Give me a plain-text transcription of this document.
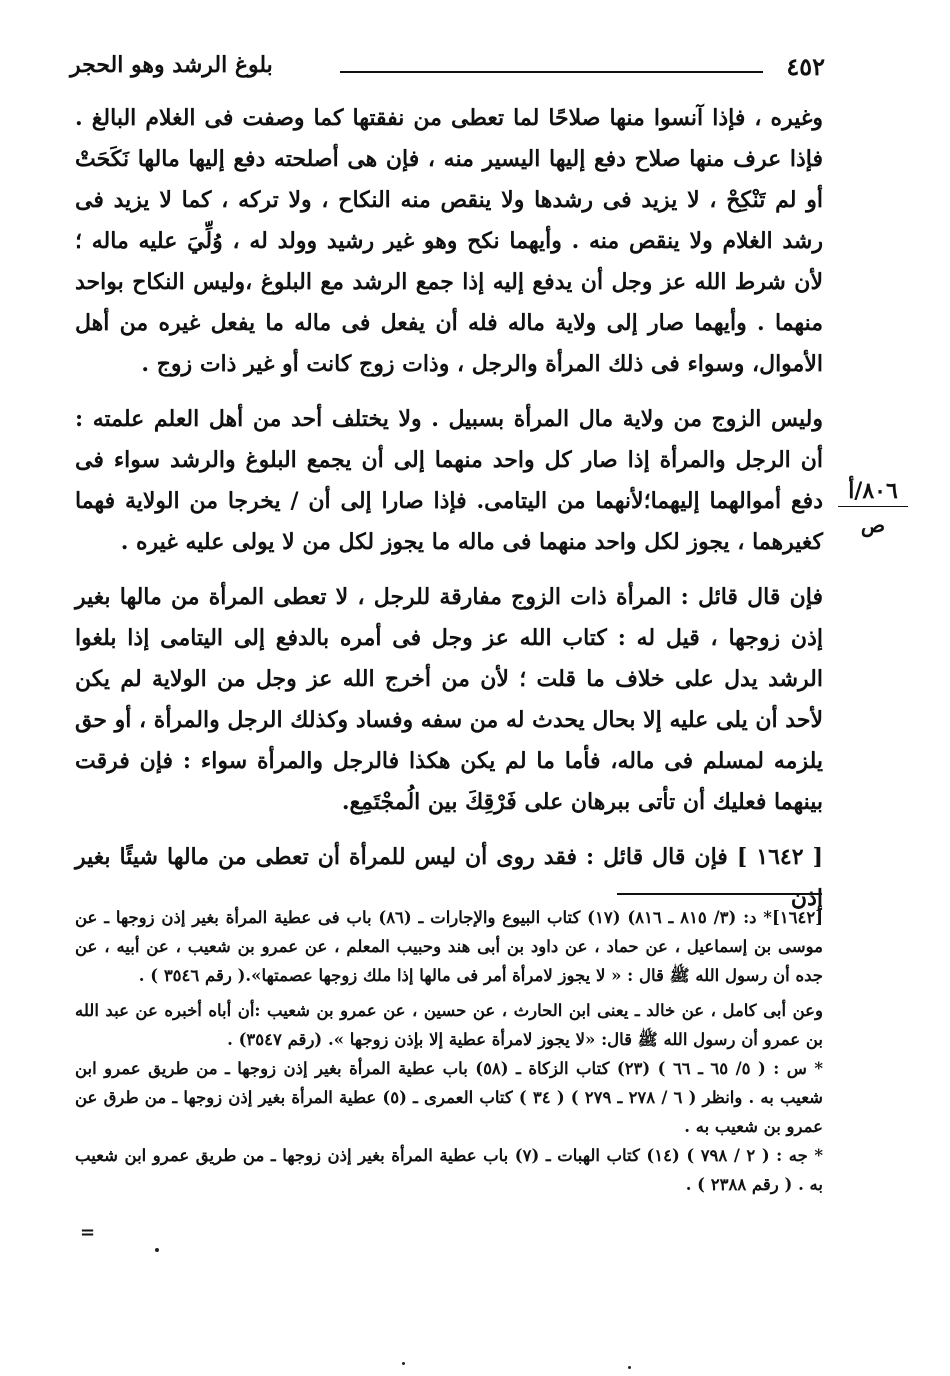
٤٥٢
بلوغ الرشد وهو الحجر
٨٠٦/أ
ص

وغيره ، فإذا آنسوا منها صلاحًا لما تعطى من نفقتها كما وصفت فى الغلام البالغ . فإذا عرف منها صلاح دفع إليها اليسير منه ، فإن هى أصلحته دفع إليها مالها نَكَحَتْ أو لم تَنْكِحْ ، لا يزيد فى رشدها ولا ينقص منه النكاح ، ولا تركه ، كما لا يزيد فى رشد الغلام ولا ينقص منه . وأيهما نكح وهو غير رشيد وولد له ، وُلِّيَ عليه ماله ؛ لأن شرط الله عز وجل أن يدفع إليه إذا جمع الرشد مع البلوغ ،وليس النكاح بواحد منهما . وأيهما صار إلى ولاية ماله فله أن يفعل فى ماله ما يفعل غيره من أهل الأموال، وسواء فى ذلك المرأة والرجل ، وذات زوج كانت أو غير ذات زوج .

وليس الزوج من ولاية مال المرأة بسبيل . ولا يختلف أحد من أهل العلم علمته : أن الرجل والمرأة إذا صار كل واحد منهما إلى أن يجمع البلوغ والرشد سواء فى دفع أموالهما إليهما؛لأنهما من اليتامى. فإذا صارا إلى أن / يخرجا من الولاية فهما كغيرهما ، يجوز لكل واحد منهما فى ماله ما يجوز لكل من لا يولى عليه غيره .

فإن قال قائل : المرأة ذات الزوج مفارقة للرجل ، لا تعطى المرأة من مالها بغير إذن زوجها ، قيل له : كتاب الله عز وجل فى أمره بالدفع إلى اليتامى إذا بلغوا الرشد يدل على خلاف ما قلت ؛ لأن من أخرج الله عز وجل من الولاية لم يكن لأحد أن يلى عليه إلا بحال يحدث له من سفه وفساد وكذلك الرجل والمرأة ، أو حق يلزمه لمسلم فى ماله، فأما ما لم يكن هكذا فالرجل والمرأة سواء : فإن فرقت بينهما فعليك أن تأتى ببرهان على فَرْقِكَ بين الُمجْتَمِع.

[ ١٦٤٢ ] فإن قال قائل : فقد روى أن ليس للمرأة أن تعطى من مالها شيئًا بغير إذن

[١٦٤٢]* د: (٣/ ٨١٥ ـ ٨١٦) (١٧) كتاب البيوع والإجارات ـ (٨٦) باب فى عطية المرأة بغير إذن زوجها ـ عن موسى بن إسماعيل ، عن حماد ، عن داود بن أبى هند وحبيب المعلم ، عن عمرو بن شعيب ، عن أبيه ، عن جده أن رسول الله ﷺ قال : « لا يجوز لامرأة أمر فى مالها إذا ملك زوجها عصمتها».( رقم ٣٥٤٦ ) .

وعن أبى كامل ، عن خالد ـ يعنى ابن الحارث ، عن حسين ، عن عمرو بن شعيب :أن أباه أخبره عن عبد الله بن عمرو أن رسول الله ﷺ قال: «لا يجوز لامرأة عطية إلا بإذن زوجها ». (رقم ٣٥٤٧) .

* س : ( ٥/ ٦٥ ـ ٦٦ ) (٢٣) كتاب الزكاة ـ (٥٨) باب عطية المرأة بغير إذن زوجها ـ من طريق عمرو ابن شعيب به . وانظر ( ٦ / ٢٧٨ ـ ٢٧٩ ) ( ٣٤ ) كتاب العمرى ـ (٥) عطية المرأة بغير إذن زوجها ـ من طرق عن عمرو بن شعيب به .

* جه : ( ٢ / ٧٩٨ ) (١٤) كتاب الهبات ـ (٧) باب عطية المرأة بغير إذن زوجها ـ من طريق عمرو ابن شعيب به . ( رقم ٢٣٨٨ ) .

=
